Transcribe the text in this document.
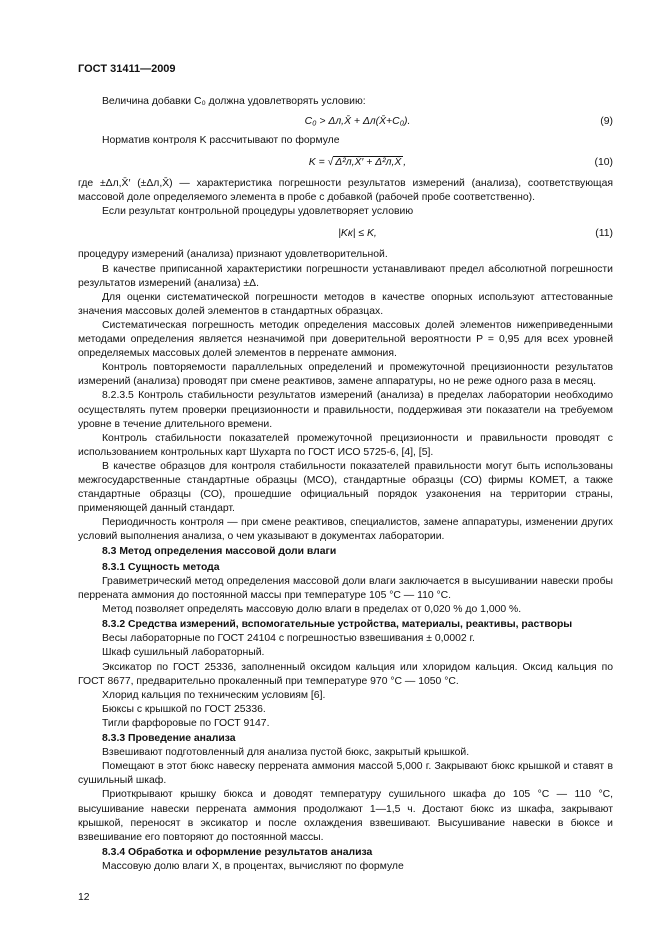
ГОСТ 31411—2009

Величина добавки C₀ должна удовлетворять условию:

C₀ > Δл,X̄ + Δл(X̄+C₀).	(9)

Норматив контроля K рассчитывают по формуле

K = √ Δ²л,X̄′ + Δ²л,X̄ ,	(10)

где ±Δл,X̄′ (±Δл,X̄) — характеристика погрешности результатов измерений (анализа), соответствующая массовой доле определяемого элемента в пробе с добавкой (рабочей пробе соответственно).

Если результат контрольной процедуры удовлетворяет условию

|Kк| ≤ K,	(11)

процедуру измерений (анализа) признают удовлетворительной.

В качестве приписанной характеристики погрешности устанавливают предел абсолютной погрешности результатов измерений (анализа) ±Δ.

Для оценки систематической погрешности методов в качестве опорных используют аттестованные значения массовых долей элементов в стандартных образцах.

Систематическая погрешность методик определения массовых долей элементов нижеприведенными методами определения является незначимой при доверительной вероятности P = 0,95 для всех уровней определяемых массовых долей элементов в перренате аммония.

Контроль повторяемости параллельных определений и промежуточной прецизионности результатов измерений (анализа) проводят при смене реактивов, замене аппаратуры, но не реже одного раза в месяц.

8.2.3.5 Контроль стабильности результатов измерений (анализа) в пределах лаборатории необходимо осуществлять путем проверки прецизионности и правильности, поддерживая эти показатели на требуемом уровне в течение длительного времени.

Контроль стабильности показателей промежуточной прецизионности и правильности проводят с использованием контрольных карт Шухарта по ГОСТ ИСО 5725-6, [4], [5].

В качестве образцов для контроля стабильности показателей правильности могут быть использованы межгосударственные стандартные образцы (МСО), стандартные образцы (СО) фирмы КОМЕТ, а также стандартные образцы (СО), прошедшие официальный порядок узаконения на территории страны, применяющей данный стандарт.

Периодичность контроля — при смене реактивов, специалистов, замене аппаратуры, изменении других условий выполнения анализа, о чем указывают в документах лаборатории.

8.3 Метод определения массовой доли влаги

8.3.1 Сущность метода

Гравиметрический метод определения массовой доли влаги заключается в высушивании навески пробы перрената аммония до постоянной массы при температуре 105 °С — 110 °С.

Метод позволяет определять массовую долю влаги в пределах от 0,020 % до 1,000 %.

8.3.2 Средства измерений, вспомогательные устройства, материалы, реактивы, растворы

Весы лабораторные по ГОСТ 24104 с погрешностью взвешивания ± 0,0002 г.

Шкаф сушильный лабораторный.

Эксикатор по ГОСТ 25336, заполненный оксидом кальция или хлоридом кальция. Оксид кальция по ГОСТ 8677, предварительно прокаленный при температуре 970 °С — 1050 °С.

Хлорид кальция по техническим условиям [6].

Бюксы с крышкой по ГОСТ 25336.

Тигли фарфоровые по ГОСТ 9147.

8.3.3 Проведение анализа

Взвешивают подготовленный для анализа пустой бюкс, закрытый крышкой.

Помещают в этот бюкс навеску перрената аммония массой 5,000 г. Закрывают бюкс крышкой и ставят в сушильный шкаф.

Приоткрывают крышку бюкса и доводят температуру сушильного шкафа до 105 °С — 110 °С, высушивание навески перрената аммония продолжают 1—1,5 ч. Достают бюкс из шкафа, закрывают крышкой, переносят в эксикатор и после охлаждения взвешивают. Высушивание навески в бюксе и взвешивание его повторяют до постоянной массы.

8.3.4 Обработка и оформление результатов анализа

Массовую долю влаги X, в процентах, вычисляют по формуле

12
